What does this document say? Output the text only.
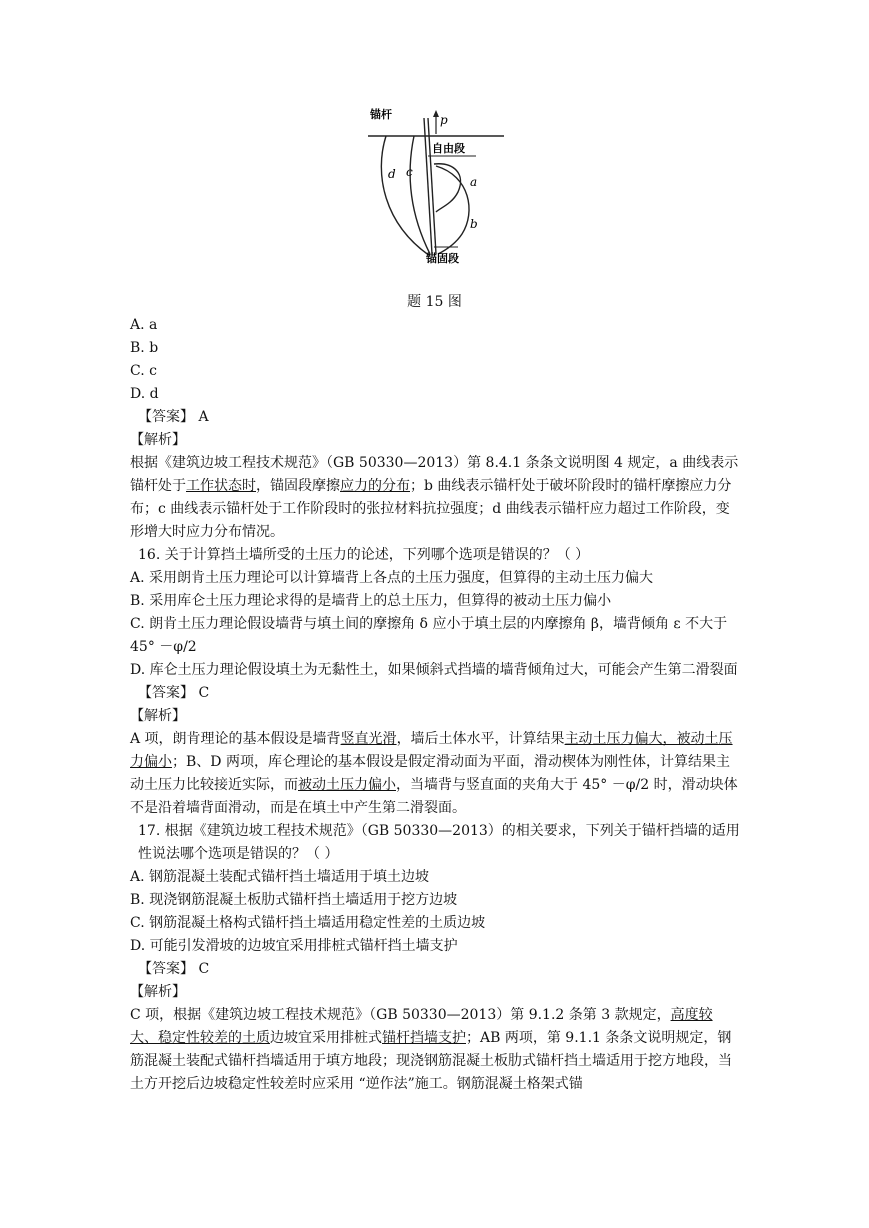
锚杆	p
自由段
锚固段
a
b
c
d
题 15 图

A. a

B. b

C. c

D. d

【答案】 A

【解析】

根据《建筑边坡工程技术规范》（GB 50330—2013）第 8.4.1 条条文说明图 4 规定，a 曲线表示锚杆处于工作状态时，锚固段摩擦应力的分布；b 曲线表示锚杆处于破坏阶段时的锚杆摩擦应力分布；c 曲线表示锚杆处于工作阶段时的张拉材料抗拉强度；d 曲线表示锚杆应力超过工作阶段，变形增大时应力分布情况。

16. 关于计算挡土墙所受的土压力的论述，下列哪个选项是错误的？（ ）

A. 采用朗肯土压力理论可以计算墙背上各点的土压力强度，但算得的主动土压力偏大

B. 采用库仑土压力理论求得的是墙背上的总土压力，但算得的被动土压力偏小

C. 朗肯土压力理论假设墙背与填土间的摩擦角 δ 应小于填土层的内摩擦角 β，墙背倾角 ε 不大于 45° －φ/2

D. 库仑土压力理论假设填土为无黏性土，如果倾斜式挡墙的墙背倾角过大，可能会产生第二滑裂面

【答案】 C

【解析】

A 项，朗肯理论的基本假设是墙背竖直光滑，墙后土体水平，计算结果主动土压力偏大，被动土压力偏小；B、D 两项，库仑理论的基本假设是假定滑动面为平面，滑动楔体为刚性体，计算结果主动土压力比较接近实际，而被动土压力偏小，当墙背与竖直面的夹角大于 45° －φ/2 时，滑动块体不是沿着墙背面滑动，而是在填土中产生第二滑裂面。

17. 根据《建筑边坡工程技术规范》（GB 50330—2013）的相关要求，下列关于锚杆挡墙的适用性说法哪个选项是错误的？（ ）

A. 钢筋混凝土装配式锚杆挡土墙适用于填土边坡

B. 现浇钢筋混凝土板肋式锚杆挡土墙适用于挖方边坡

C. 钢筋混凝土格构式锚杆挡土墙适用稳定性差的土质边坡

D. 可能引发滑坡的边坡宜采用排桩式锚杆挡土墙支护

【答案】 C

【解析】

C 项，根据《建筑边坡工程技术规范》（GB 50330—2013）第 9.1.2 条第 3 款规定，高度较大、稳定性较差的土质边坡宜采用排桩式锚杆挡墙支护；AB 两项，第 9.1.1 条条文说明规定，钢筋混凝土装配式锚杆挡墙适用于填方地段；现浇钢筋混凝土板肋式锚杆挡土墙适用于挖方地段，当土方开挖后边坡稳定性较差时应采用 “逆作法”施工。钢筋混凝土格架式锚
